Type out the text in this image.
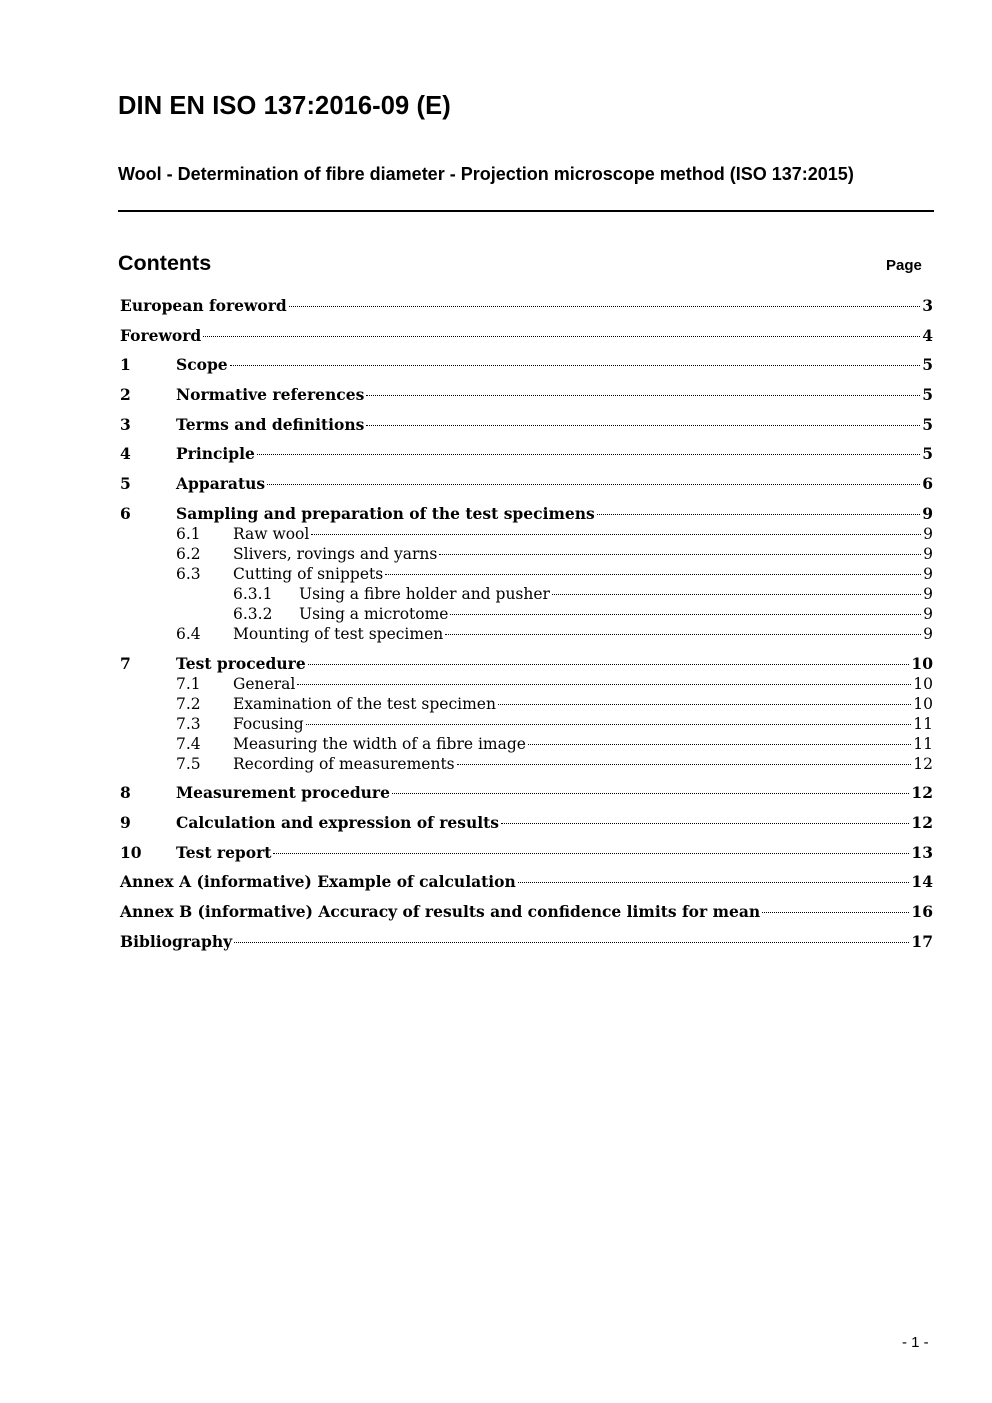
DIN EN ISO 137:2016-09 (E)
Wool - Determination of fibre diameter - Projection microscope method (ISO 137:2015)
Contents	Page
European foreword	3
Foreword	4
1	Scope	5
2	Normative references	5
3	Terms and definitions	5
4	Principle	5
5	Apparatus	6
6	Sampling and preparation of the test specimens	9
6.1 Raw wool	9
6.2 Slivers, rovings and yarns	9
6.3 Cutting of snippets	9
6.3.1 Using a fibre holder and pusher	9
6.3.2 Using a microtome	9
6.4 Mounting of test specimen	9
7	Test procedure	10
7.1 General	10
7.2 Examination of the test specimen	10
7.3 Focusing	11
7.4 Measuring the width of a fibre image	11
7.5 Recording of measurements	12
8	Measurement procedure	12
9	Calculation and expression of results	12
10 Test report	13
Annex A (informative) Example of calculation	14
Annex B (informative) Accuracy of results and confidence limits for mean	16
Bibliography	17
- 1 -
